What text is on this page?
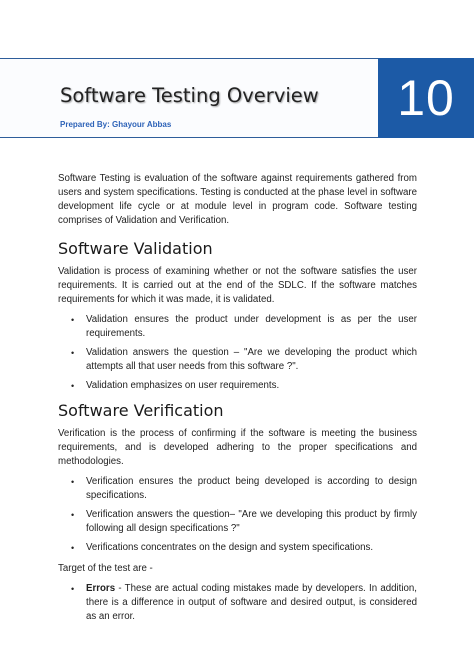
Software Testing Overview
Prepared By: Ghayour Abbas	10

Software Testing is evaluation of the software against requirements gathered from users and system specifications. Testing is conducted at the phase level in software development life cycle or at module level in program code. Software testing comprises of Validation and Verification.

Software Validation

Validation is process of examining whether or not the software satisfies the user requirements. It is carried out at the end of the SDLC. If the software matches requirements for which it was made, it is validated.

• Validation ensures the product under development is as per the user requirements.
• Validation answers the question – "Are we developing the product which attempts all that user needs from this software ?".
• Validation emphasizes on user requirements.
Software Verification

Verification is the process of confirming if the software is meeting the business requirements, and is developed adhering to the proper specifications and methodologies.

• Verification ensures the product being developed is according to design specifications.
• Verification answers the question– "Are we developing this product by firmly following all design specifications ?"
• Verifications concentrates on the design and system specifications.

Target of the test are -

• Errors - These are actual coding mistakes made by developers. In addition, there is a difference in output of software and desired output, is considered as an error.
